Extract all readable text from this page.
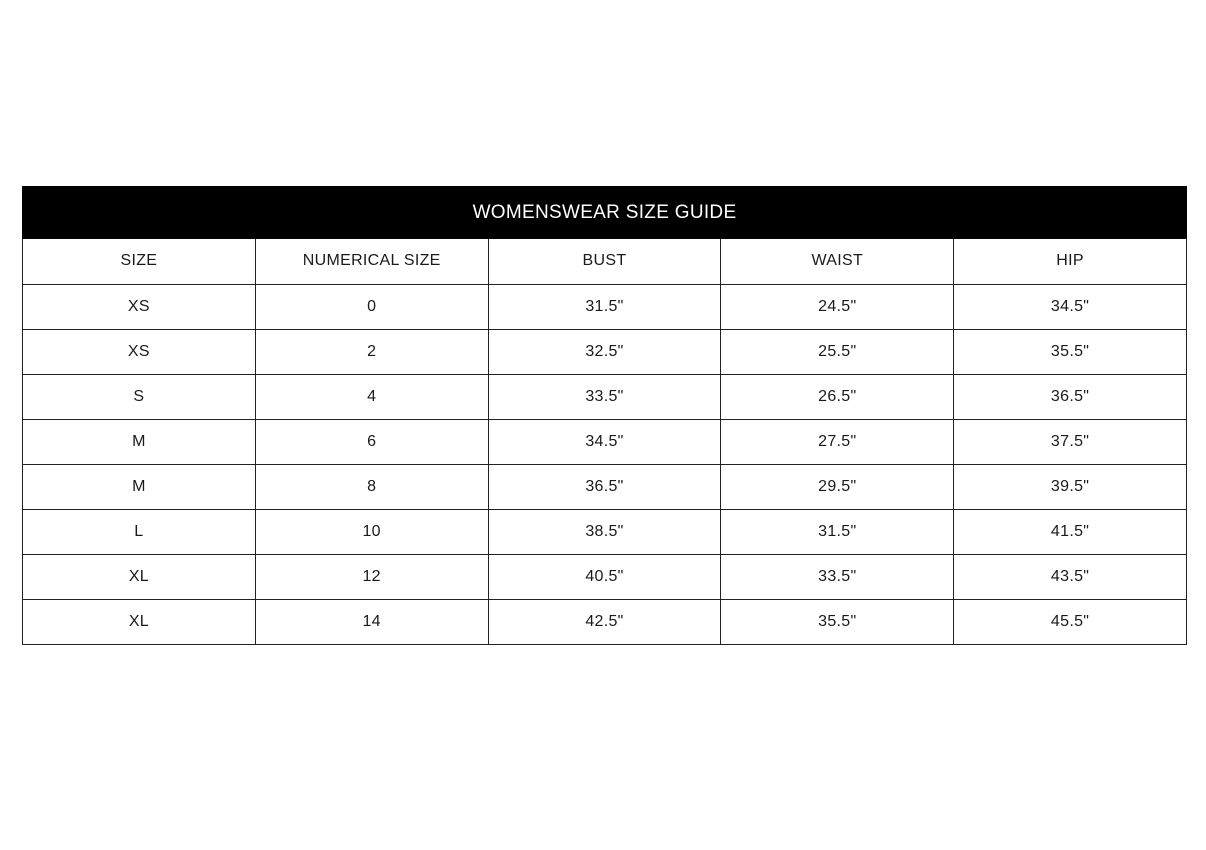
WOMENSWEAR SIZE GUIDE
SIZE	NUMERICAL SIZE	BUST	WAIST	HIP
XS	0	31.5"	24.5"	34.5"
XS	2	32.5"	25.5"	35.5"
S	4	33.5"	26.5"	36.5"
M	6	34.5"	27.5"	37.5"
M	8	36.5"	29.5"	39.5"
L	10	38.5"	31.5"	41.5"
XL	12	40.5"	33.5"	43.5"
XL	14	42.5"	35.5"	45.5"
